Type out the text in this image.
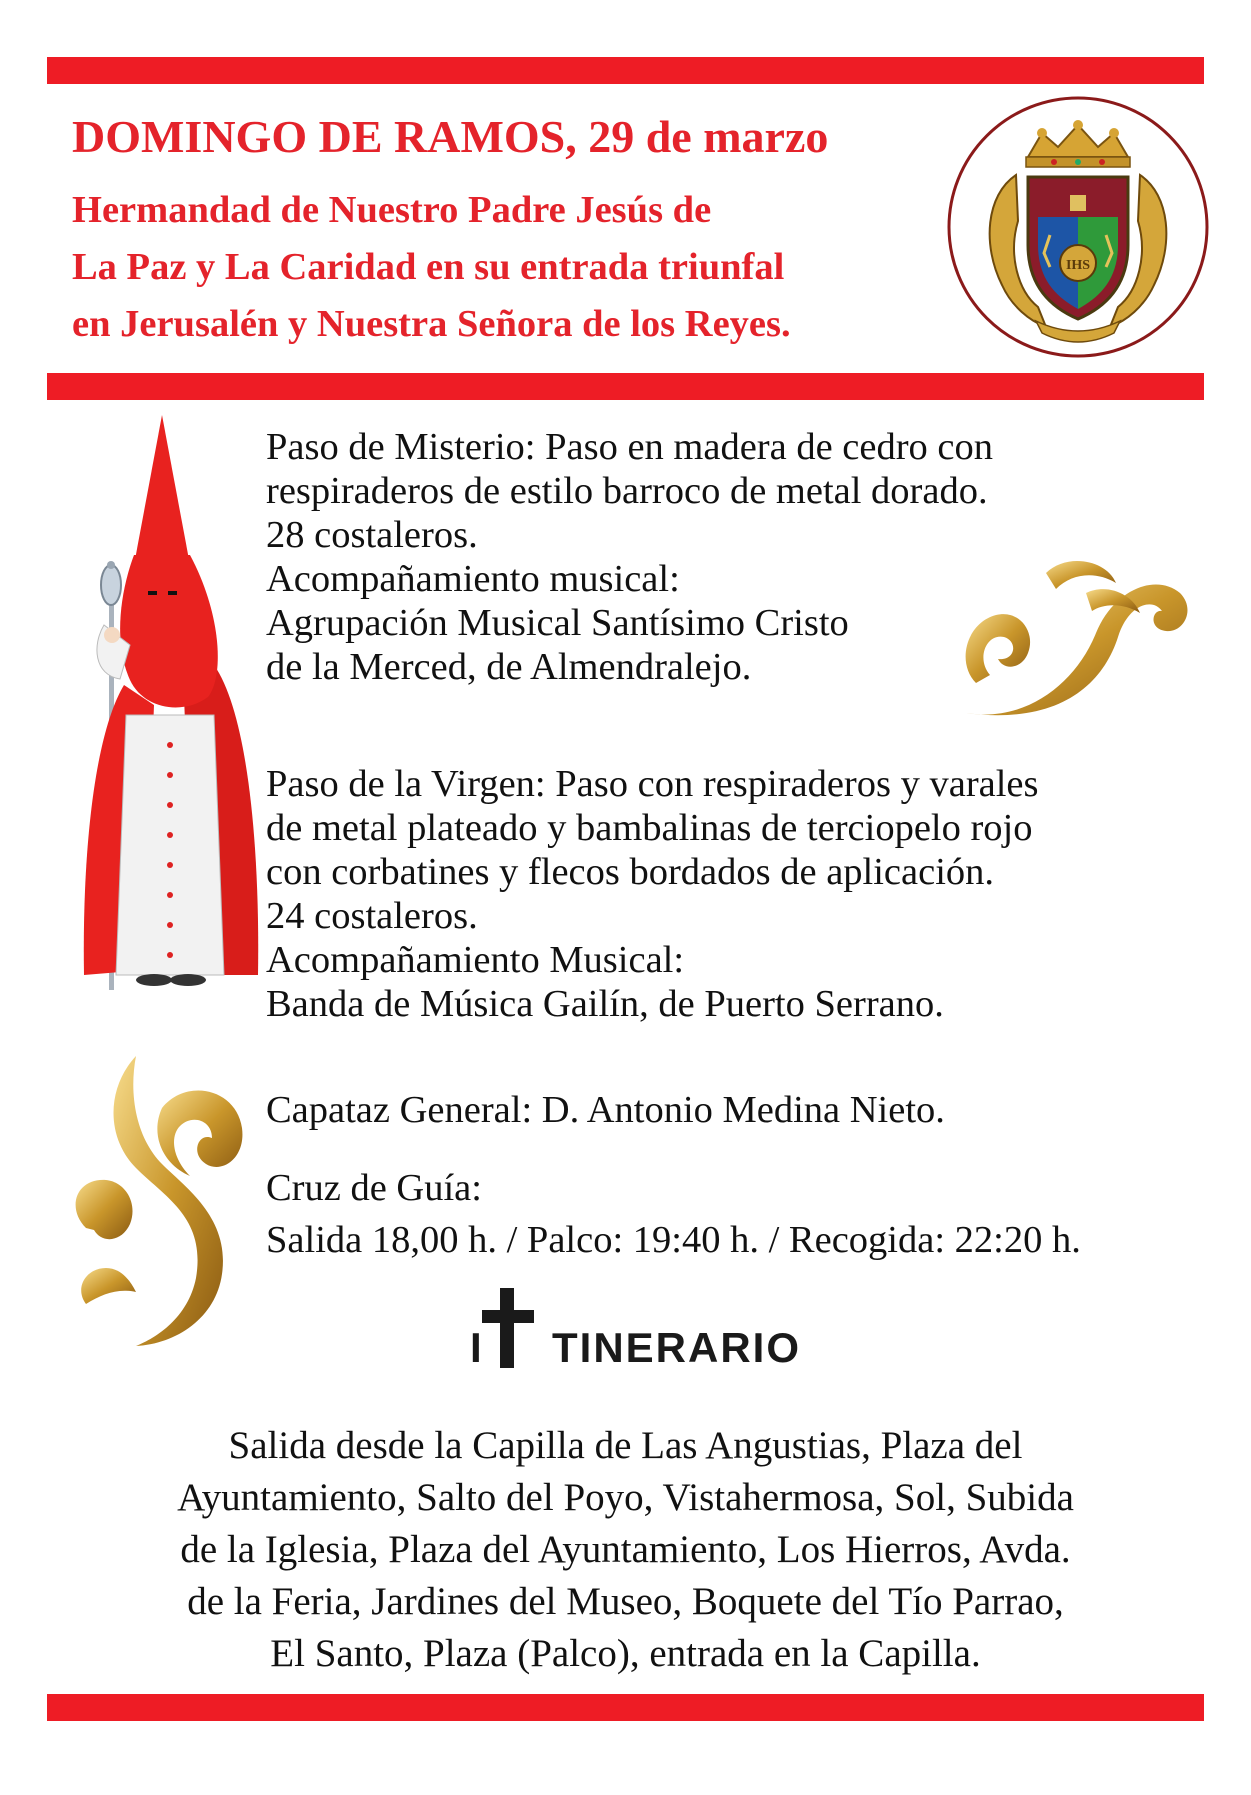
DOMINGO DE RAMOS, 29 de marzo
Hermandad de Nuestro Padre Jesús de
La Paz y La Caridad en su entrada triunfal
en Jerusalén y Nuestra Señora de los Reyes.
IHS
Paso de Misterio: Paso en madera de cedro con
respiraderos de estilo barroco de metal dorado.
28 costaleros.
Acompañamiento musical:
Agrupación Musical Santísimo Cristo
de la Merced, de Almendralejo.
Paso de la Virgen: Paso con respiraderos y varales
de metal plateado y bambalinas de terciopelo rojo
con corbatines y flecos bordados de aplicación.
24 costaleros.
Acompañamiento Musical:
Banda de Música Gailín, de Puerto Serrano.
Capataz General: D. Antonio Medina Nieto.
Cruz de Guía:
Salida 18,00 h. / Palco: 19:40 h. / Recogida: 22:20 h.
I TINERARIO
Salida desde la Capilla de Las Angustias, Plaza del
Ayuntamiento, Salto del Poyo, Vistahermosa, Sol, Subida
de la Iglesia, Plaza del Ayuntamiento, Los Hierros, Avda.
de la Feria, Jardines del Museo, Boquete del Tío Parrao,
El Santo, Plaza (Palco), entrada en la Capilla.
